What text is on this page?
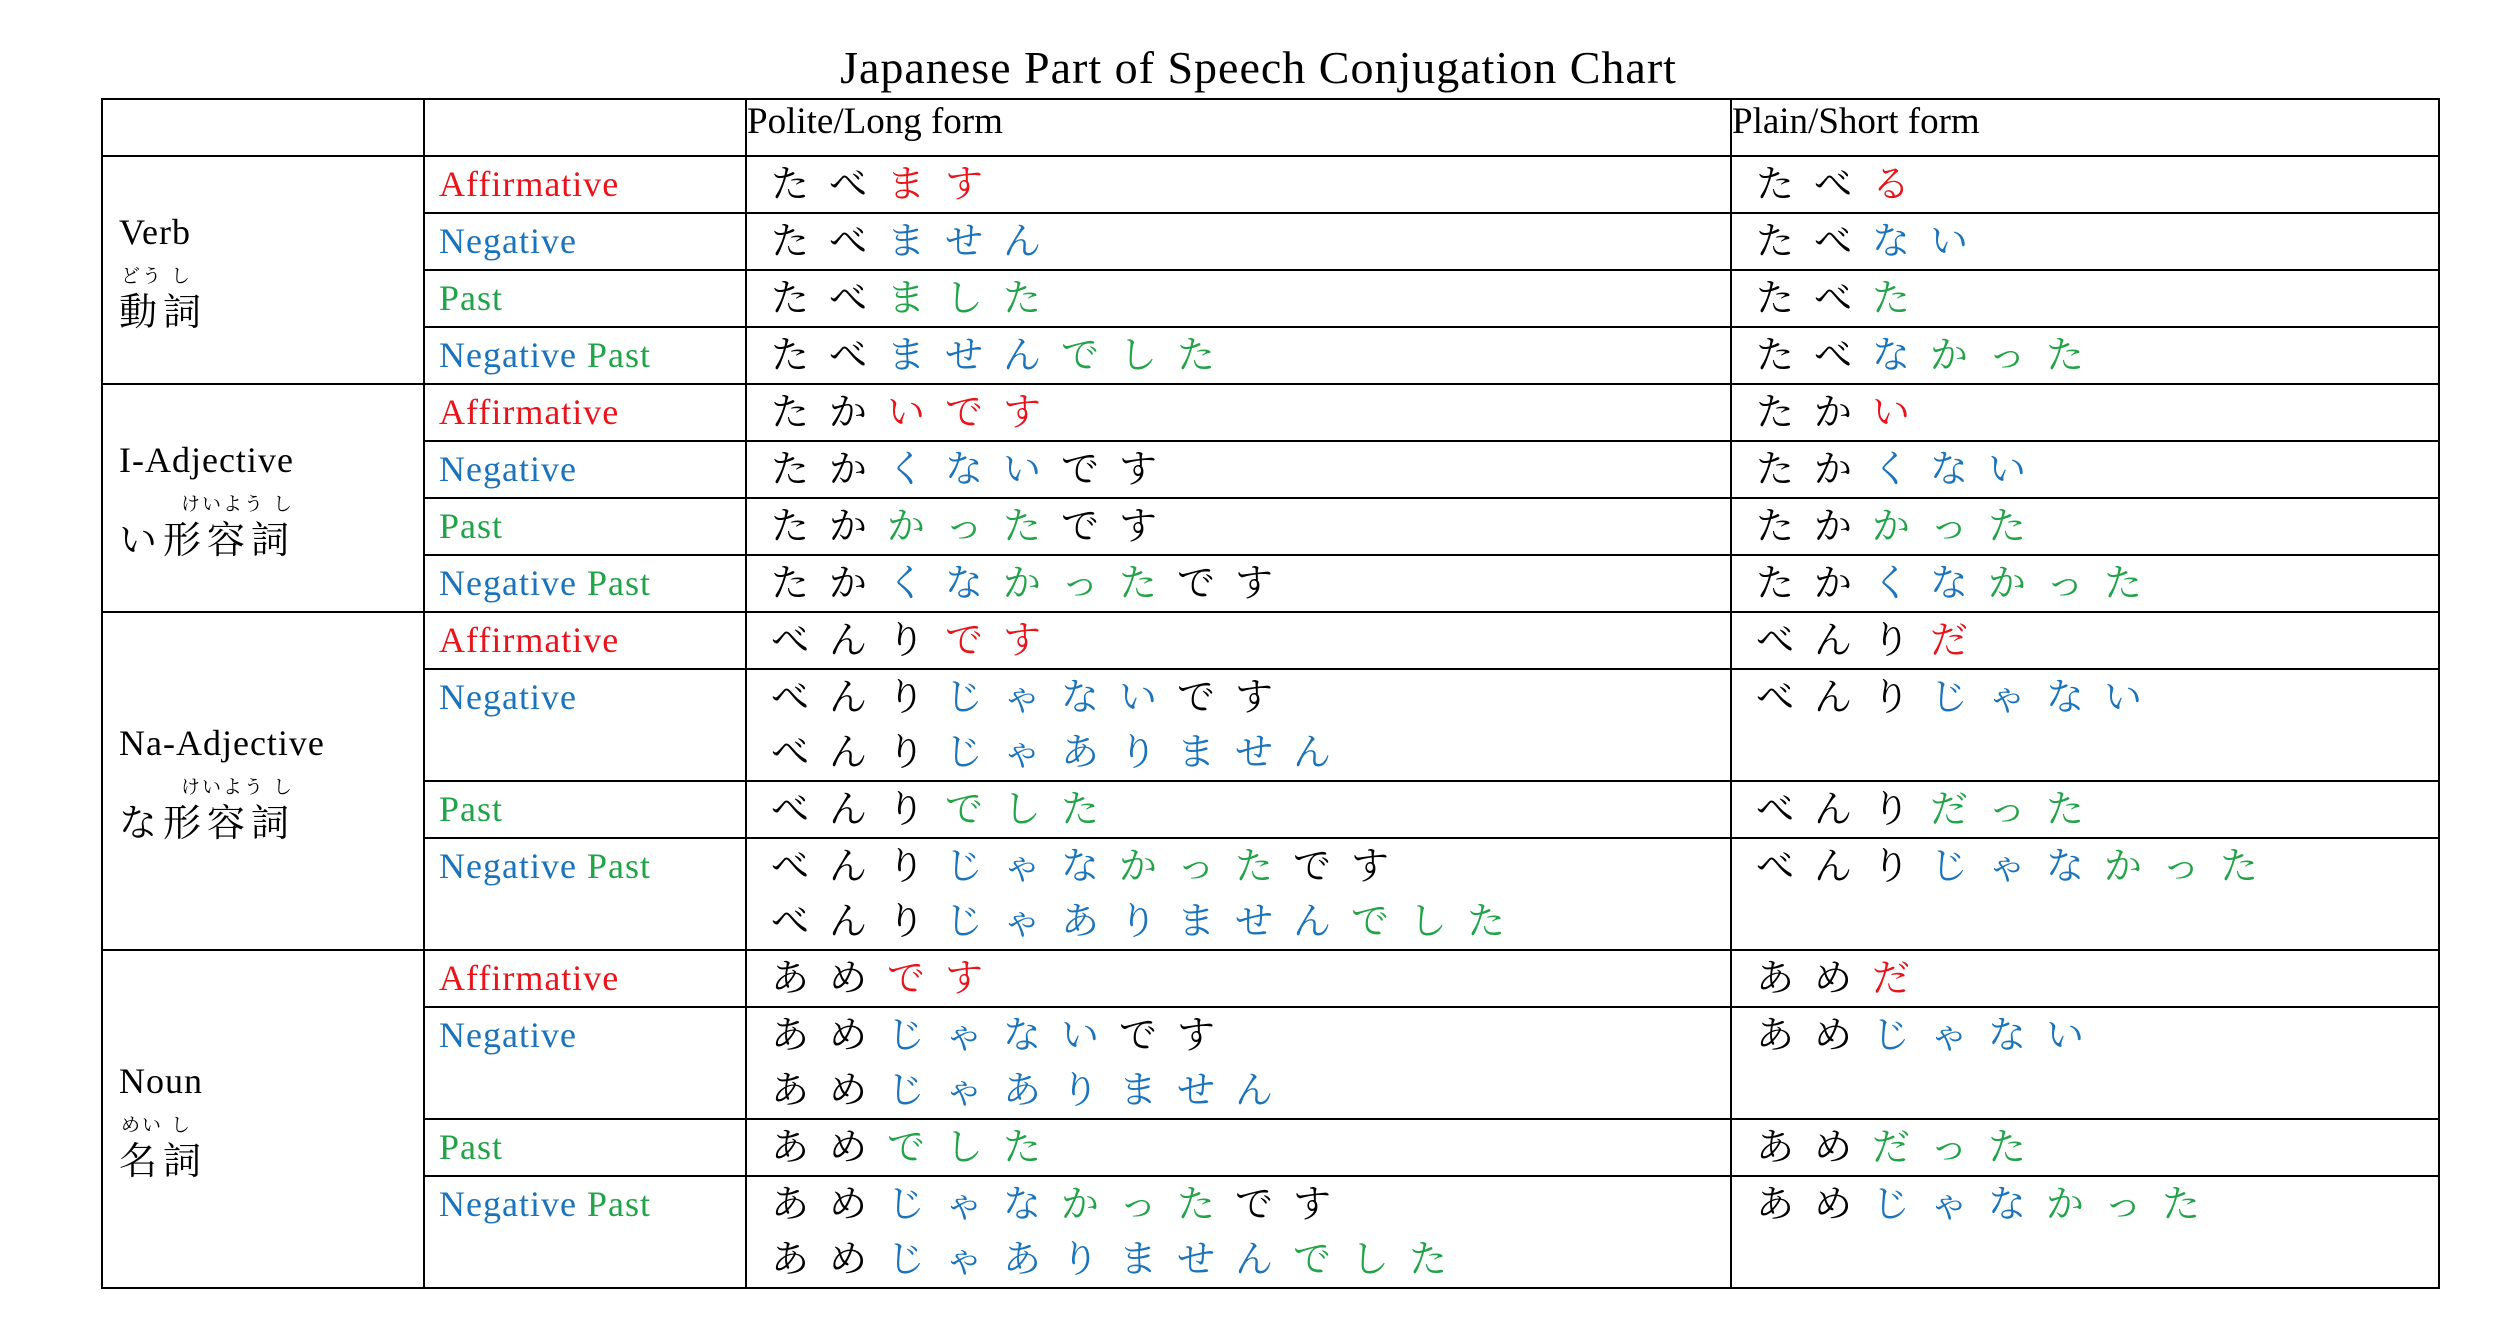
Japanese Part of Speech Conjugation Chart
		Polite/Long form	Plain/Short form

Verb
どう し
動詞	Affirmative	たべます	たべる

	Negative	たべません	たべない

	Past	たべました	たべた

	Negative Past	たべませんでした	たべなかった

I-Adjective
けいよう し
い形容詞	Affirmative	たかいです	たかい

	Negative	たかくないです	たかくない

	Past	たかかったです	たかかった

	Negative Past	たかくなかったです	たかくなかった

Na-Adjective
けいよう し
な形容詞	Affirmative	べんりです	べんりだ

	Negative	べんりじゃないです
べんりじゃありません	べんりじゃない

	Past	べんりでした	べんりだった

	Negative Past	べんりじゃなかったです
べんりじゃありませんでした	べんりじゃなかった

Noun
めい し
名詞	Affirmative	あめです	あめだ

	Negative	あめじゃないです
あめじゃありません	あめじゃない

	Past	あめでした	あめだった

	Negative Past	あめじゃなかったです
あめじゃありませんでした	あめじゃなかった
